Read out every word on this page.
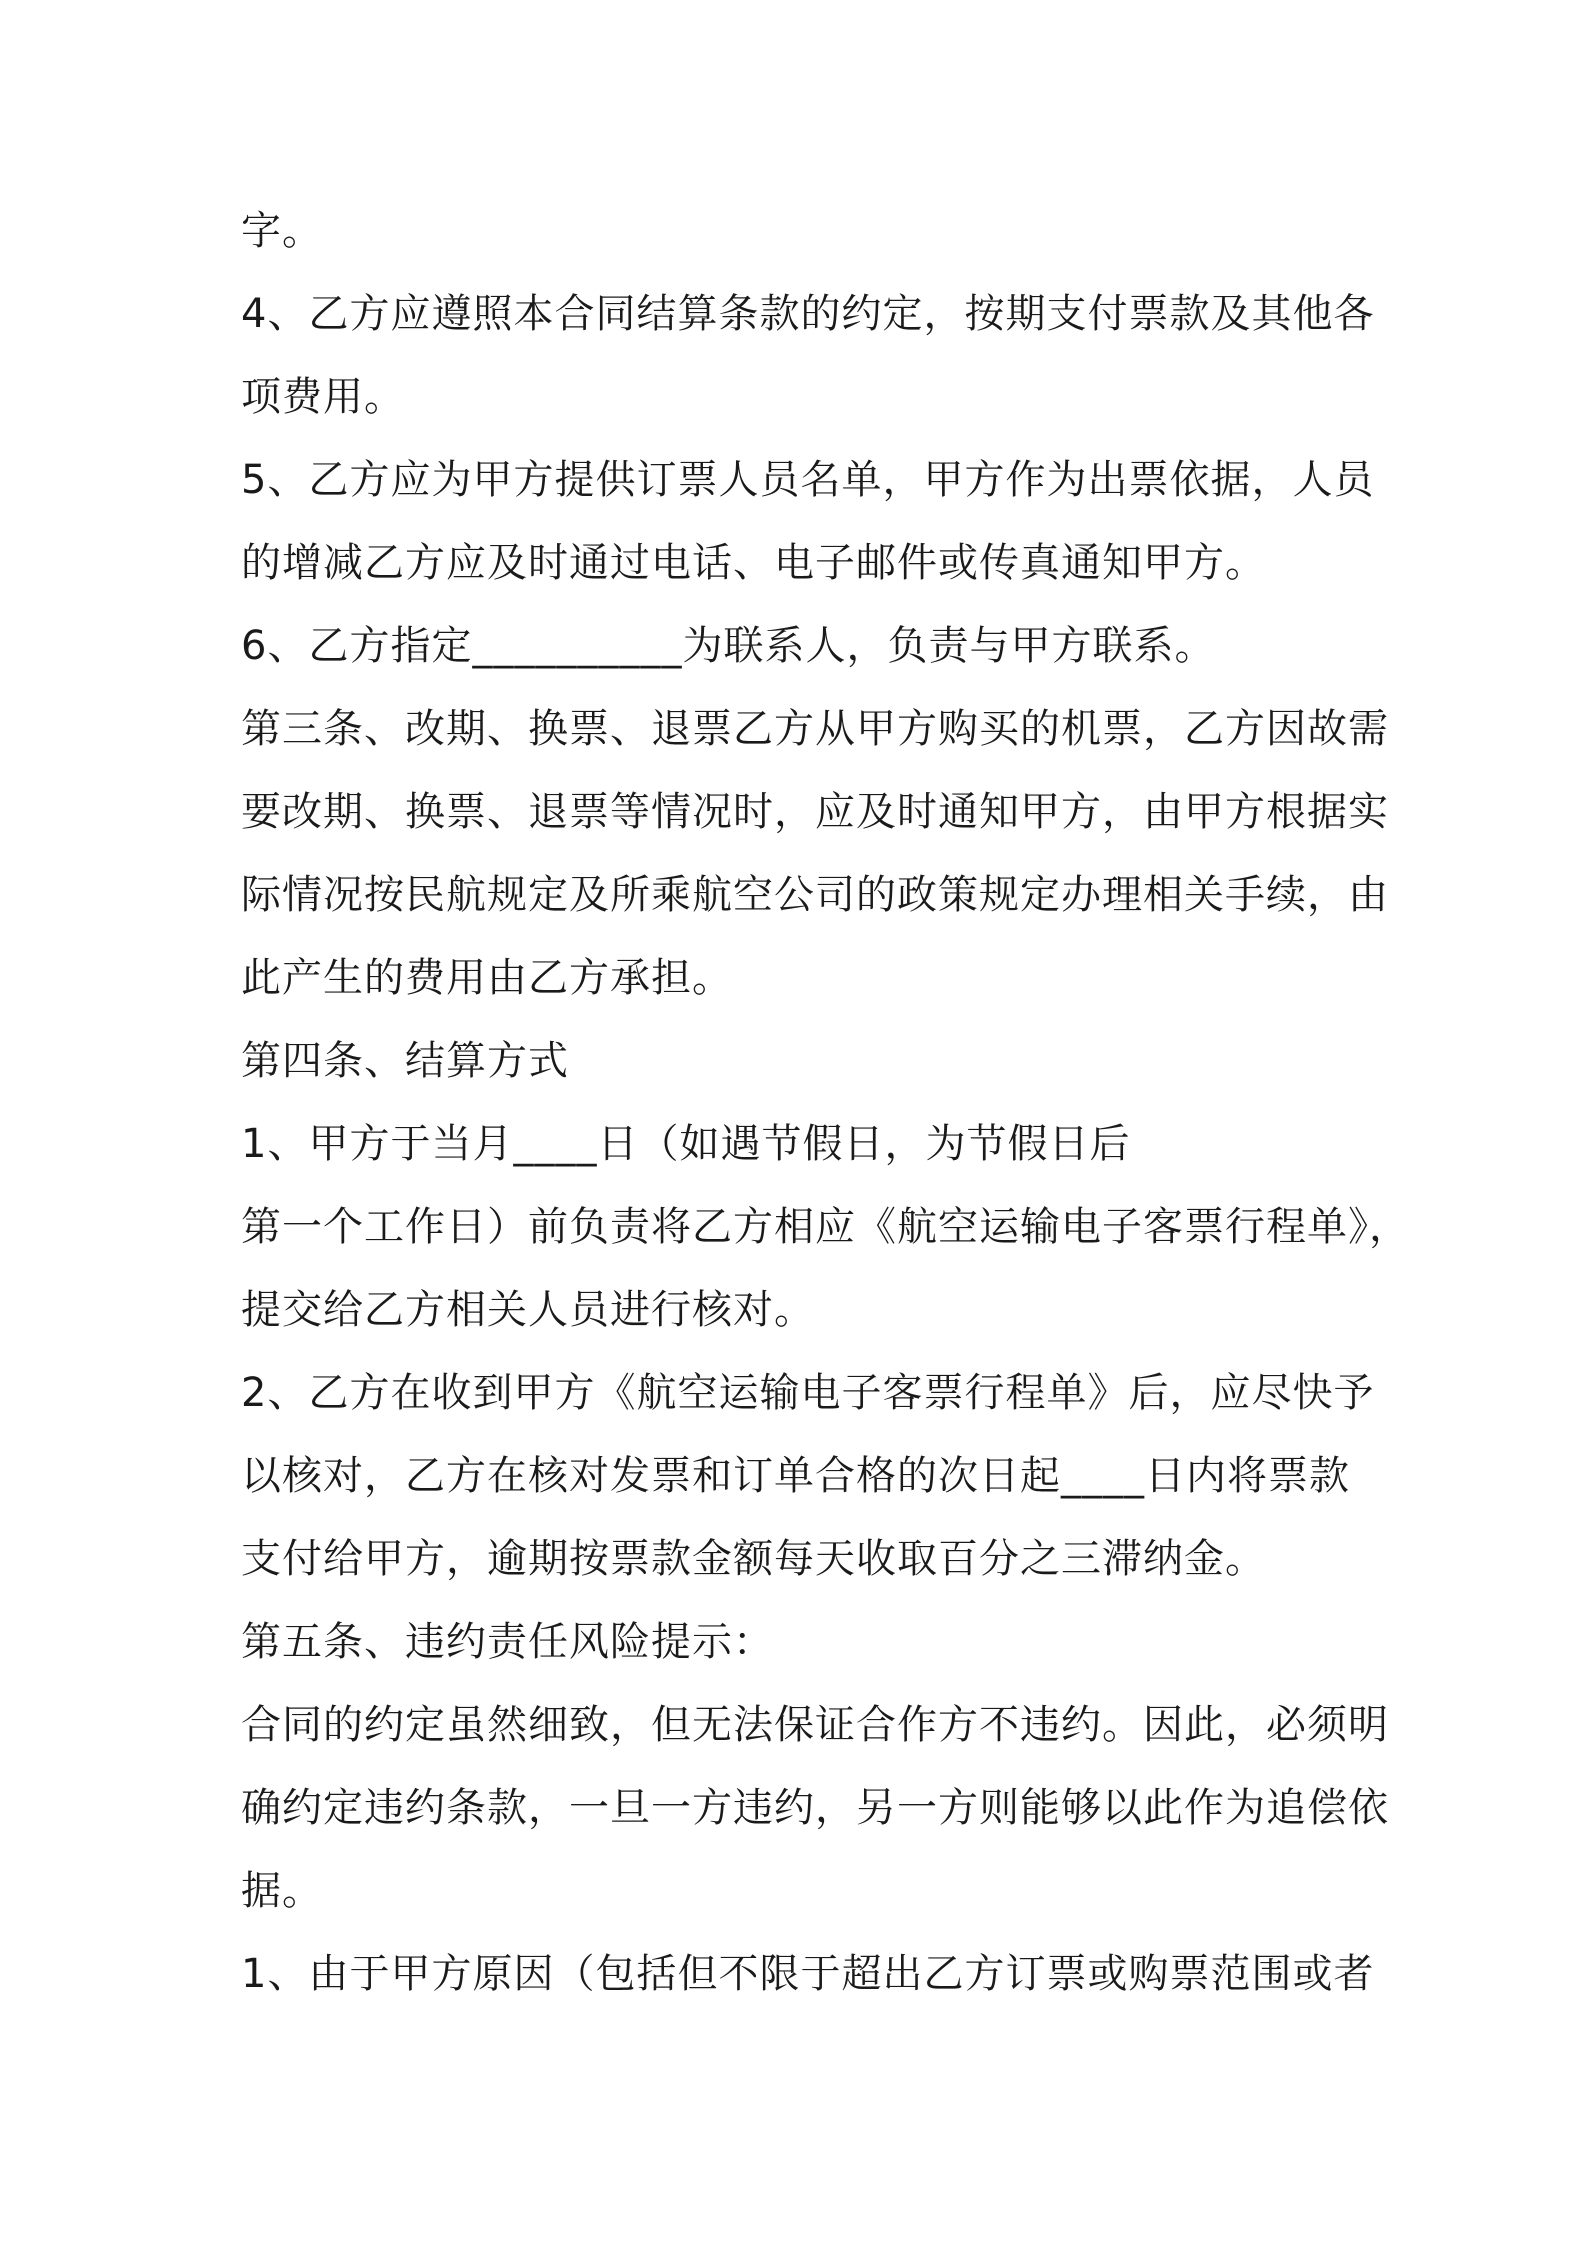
字。
4、乙方应遵照本合同结算条款的约定，按期支付票款及其他各
项费用。
5、乙方应为甲方提供订票人员名单，甲方作为出票依据，人员
的增减乙方应及时通过电话、电子邮件或传真通知甲方。
6、乙方指定__________为联系人，负责与甲方联系。
第三条、改期、换票、退票乙方从甲方购买的机票，乙方因故需
要改期、换票、退票等情况时，应及时通知甲方，由甲方根据实
际情况按民航规定及所乘航空公司的政策规定办理相关手续，由
此产生的费用由乙方承担。
第四条、结算方式
1、甲方于当月____日（如遇节假日，为节假日后
第一个工作日）前负责将乙方相应《航空运输电子客票行程单》，
提交给乙方相关人员进行核对。
2、乙方在收到甲方《航空运输电子客票行程单》后，应尽快予
以核对，乙方在核对发票和订单合格的次日起____日内将票款
支付给甲方，逾期按票款金额每天收取百分之三滞纳金。
第五条、违约责任风险提示：
合同的约定虽然细致，但无法保证合作方不违约。因此，必须明
确约定违约条款，一旦一方违约，另一方则能够以此作为追偿依
据。
1、由于甲方原因（包括但不限于超出乙方订票或购票范围或者
